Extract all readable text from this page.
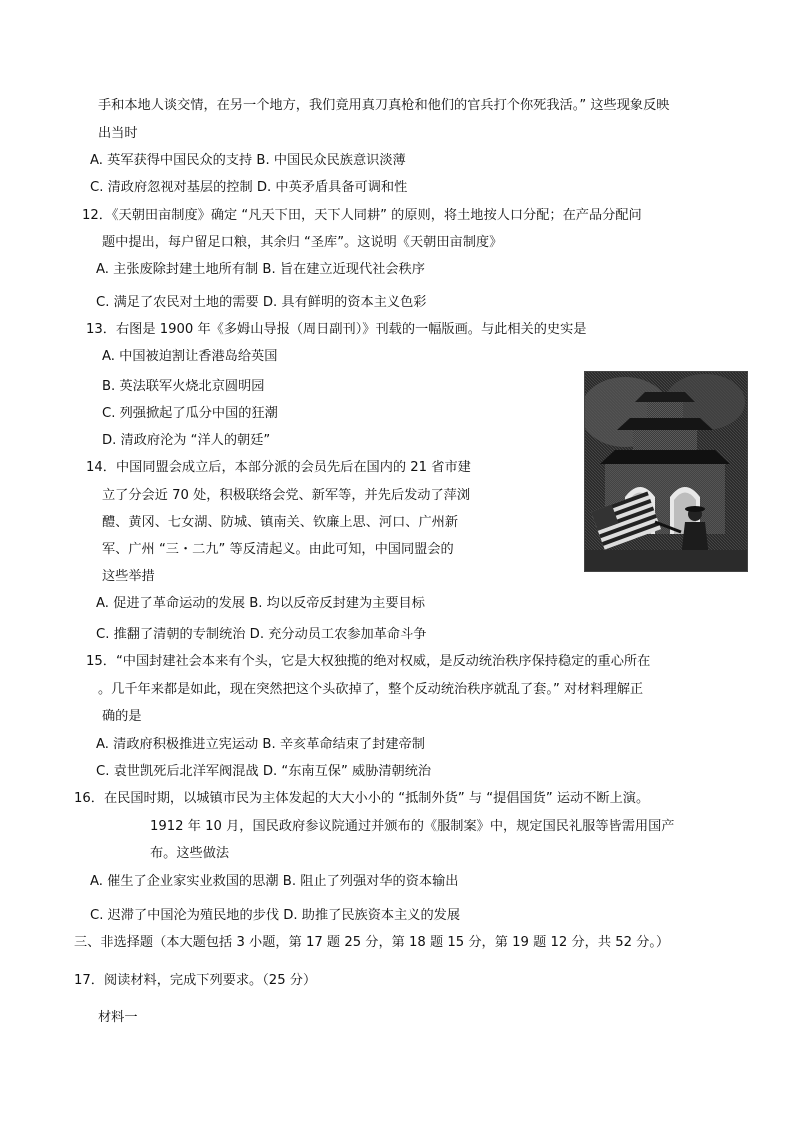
手和本地人谈交情，在另一个地方，我们竟用真刀真枪和他们的官兵打个你死我活。” 这些现象反映
出当时
A. 英军获得中国民众的支持 B. 中国民众民族意识淡薄
C. 清政府忽视对基层的控制 D. 中英矛盾具备可调和性
12．《天朝田亩制度》确定 “凡天下田，天下人同耕” 的原则，将土地按人口分配；在产品分配问
题中提出，每户留足口粮，其余归 “圣库”。这说明《天朝田亩制度》
A. 主张废除封建土地所有制 B. 旨在建立近现代社会秩序
C. 满足了农民对土地的需要 D. 具有鲜明的资本主义色彩
13．右图是 1900 年《多姆山导报（周日副刊）》刊载的一幅版画。与此相关的史实是
A. 中国被迫割让香港岛给英国
B. 英法联军火烧北京圆明园
C. 列强掀起了瓜分中国的狂潮
D. 清政府沦为 “洋人的朝廷”
14．中国同盟会成立后，本部分派的会员先后在国内的 21 省市建
立了分会近 70 处，积极联络会党、新军等，并先后发动了萍浏
醴、黄冈、七女湖、防城、镇南关、钦廉上思、河口、广州新
军、广州 “三・二九” 等反清起义。由此可知，中国同盟会的
这些举措
A. 促进了革命运动的发展 B. 均以反帝反封建为主要目标
C. 推翻了清朝的专制统治 D. 充分动员工农参加革命斗争
15．“中国封建社会本来有个头，它是大权独揽的绝对权威，是反动统治秩序保持稳定的重心所在
。几千年来都是如此，现在突然把这个头砍掉了，整个反动统治秩序就乱了套。” 对材料理解正
确的是
A. 清政府积极推进立宪运动 B. 辛亥革命结束了封建帝制
C. 袁世凯死后北洋军阀混战 D. “东南互保” 威胁清朝统治
16．在民国时期，以城镇市民为主体发起的大大小小的 “抵制外货” 与 “提倡国货” 运动不断上演。
1912 年 10 月，国民政府参议院通过并颁布的《服制案》中，规定国民礼服等皆需用国产
布。这些做法
A. 催生了企业家实业救国的思潮 B. 阻止了列强对华的资本输出
C. 迟滞了中国沦为殖民地的步伐 D. 助推了民族资本主义的发展
三、非选择题（本大题包括 3 小题，第 17 题 25 分，第 18 题 15 分，第 19 题 12 分，共 52 分。）
17．阅读材料，完成下列要求。（25 分）
材料一
